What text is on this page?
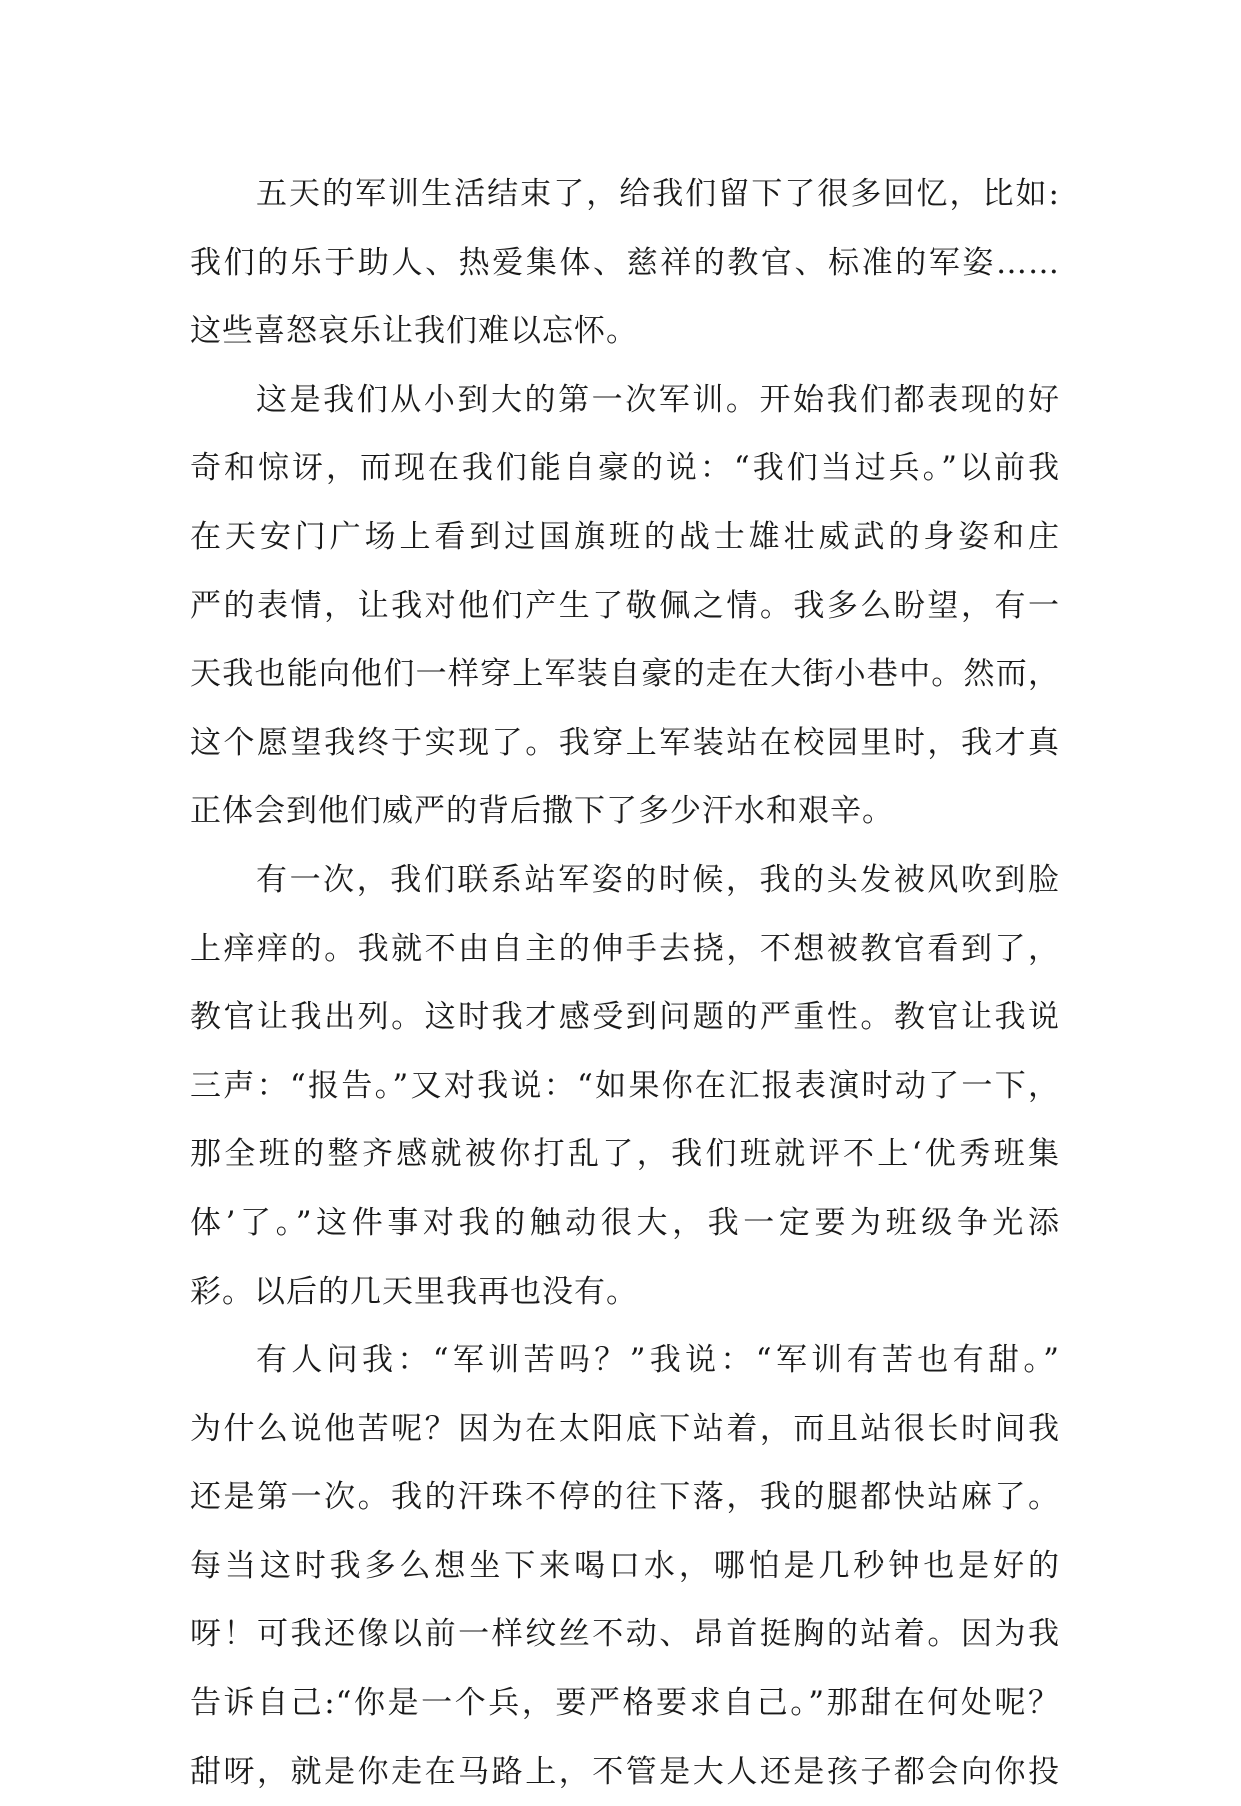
五天的军训生活结束了，给我们留下了很多回忆，比如:
我们的乐于助人、热爱集体、慈祥的教官、标准的军姿……
这些喜怒哀乐让我们难以忘怀。
这是我们从小到大的第一次军训。开始我们都表现的好
奇和惊讶，而现在我们能自豪的说：“我们当过兵。”以前我
在天安门广场上看到过国旗班的战士雄壮威武的身姿和庄
严的表情，让我对他们产生了敬佩之情。我多么盼望，有一
天我也能向他们一样穿上军装自豪的走在大街小巷中。然而，
这个愿望我终于实现了。我穿上军装站在校园里时，我才真
正体会到他们威严的背后撒下了多少汗水和艰辛。
有一次，我们联系站军姿的时候，我的头发被风吹到脸
上痒痒的。我就不由自主的伸手去挠，不想被教官看到了，
教官让我出列。这时我才感受到问题的严重性。教官让我说
三声：“报告。”又对我说：“如果你在汇报表演时动了一下，
那全班的整齐感就被你打乱了，我们班就评不上‘优秀班集
体’了。”这件事对我的触动很大，我一定要为班级争光添
彩。以后的几天里我再也没有。
有人问我：“军训苦吗？”我说：“军训有苦也有甜。”
为什么说他苦呢？因为在太阳底下站着，而且站很长时间我
还是第一次。我的汗珠不停的往下落，我的腿都快站麻了。
每当这时我多么想坐下来喝口水，哪怕是几秒钟也是好的
呀！可我还像以前一样纹丝不动、昂首挺胸的站着。因为我
告诉自己:“你是一个兵，要严格要求自己。”那甜在何处呢？
甜呀，就是你走在马路上，不管是大人还是孩子都会向你投
